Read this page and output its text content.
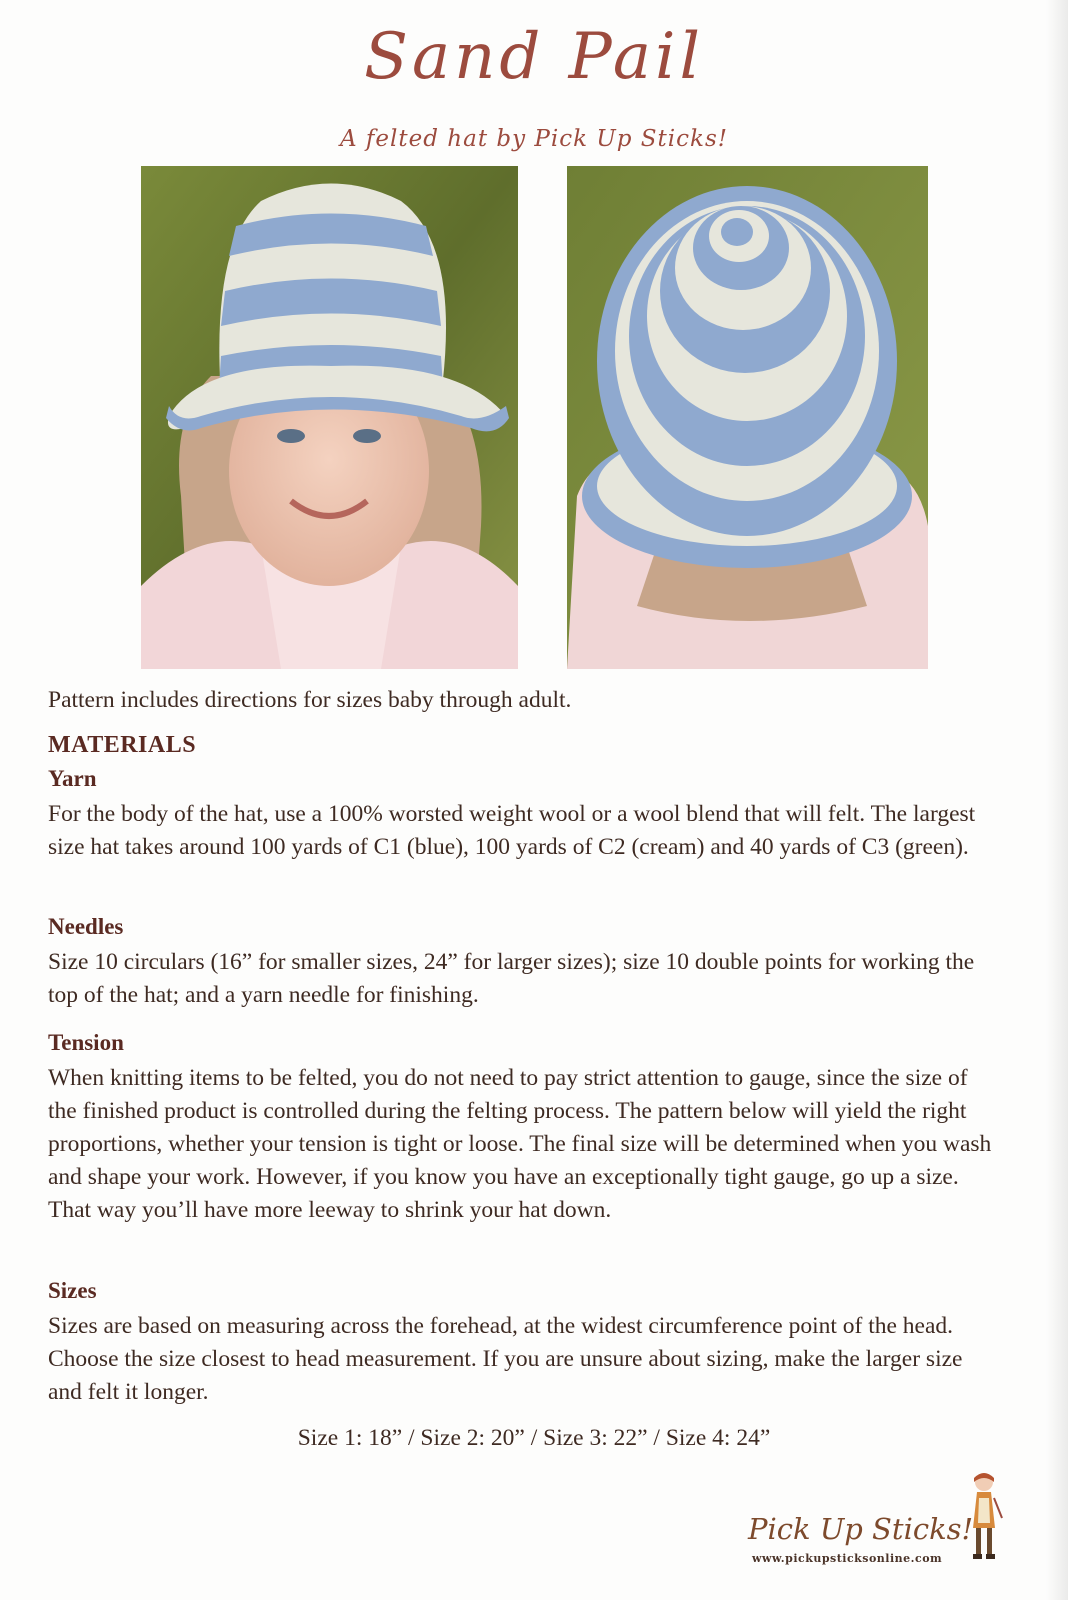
Sand Pail
A felted hat by Pick Up Sticks!
Pattern includes directions for sizes baby through adult.
MATERIALS
Yarn
For the body of the hat, use a 100% worsted weight wool or a wool blend that will felt. The largest size hat takes around 100 yards of C1 (blue), 100 yards of C2 (cream) and 40 yards of C3 (green).
Needles
Size 10 circulars (16” for smaller sizes, 24” for larger sizes); size 10 double points for working the top of the hat; and a yarn needle for finishing.
Tension
When knitting items to be felted, you do not need to pay strict attention to gauge, since the size of the finished product is controlled during the felting process. The pattern below will yield the right proportions, whether your tension is tight or loose. The final size will be determined when you wash and shape your work. However, if you know you have an exceptionally tight gauge, go up a size. That way you’ll have more leeway to shrink your hat down.
Sizes
Sizes are based on measuring across the forehead, at the widest circumference point of the head. Choose the size closest to head measurement. If you are unsure about sizing, make the larger size and felt it longer.
Size 1: 18” / Size 2: 20” / Size 3: 22” / Size 4: 24”
Pick Up Sticks!
www.pickupsticksonline.com
